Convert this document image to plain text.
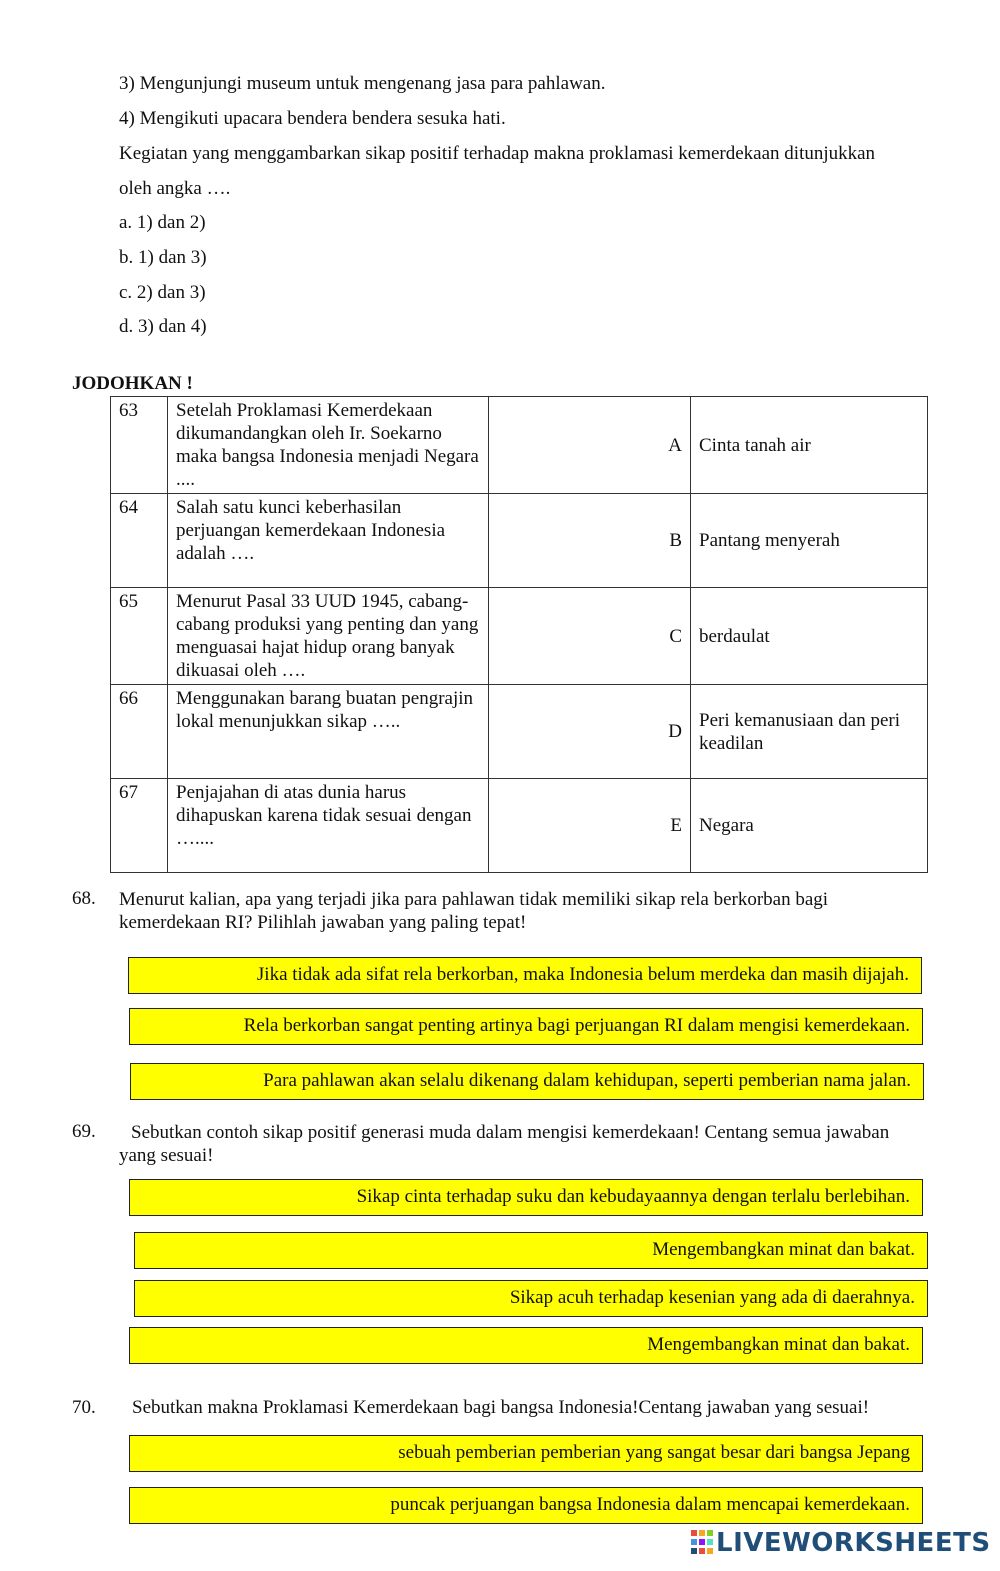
3) Mengunjungi museum untuk mengenang jasa para pahlawan.
4) Mengikuti upacara bendera bendera sesuka hati.
Kegiatan yang menggambarkan sikap positif terhadap makna proklamasi kemerdekaan ditunjukkan
oleh angka ….
a. 1) dan 2)
b. 1) dan 3)
c. 2) dan 3)
d. 3) dan 4)
JODOHKAN !
63	Setelah Proklamasi Kemerdekaan dikumandangkan oleh Ir. Soekarno maka bangsa Indonesia menjadi Negara ....	A	Cinta tanah air
64	Salah satu kunci keberhasilan perjuangan kemerdekaan Indonesia adalah ….	B	Pantang menyerah
65	Menurut Pasal 33 UUD 1945, cabang-cabang produksi yang penting dan yang menguasai hajat hidup orang banyak dikuasai oleh ….	C	berdaulat
66	Menggunakan barang buatan pengrajin lokal menunjukkan sikap …..	D	Peri kemanusiaan dan peri keadilan
67	Penjajahan di atas dunia harus dihapuskan karena tidak sesuai dengan …....	E	Negara
68. Menurut kalian, apa yang terjadi jika para pahlawan tidak memiliki sikap rela berkorban bagi kemerdekaan RI? Pilihlah jawaban yang paling tepat!
Jika tidak ada sifat rela berkorban, maka Indonesia belum merdeka dan masih dijajah.
Rela berkorban sangat penting artinya bagi perjuangan RI dalam mengisi kemerdekaan.
Para pahlawan akan selalu dikenang dalam kehidupan, seperti pemberian nama jalan.
69.	Sebutkan contoh sikap positif generasi muda dalam mengisi kemerdekaan! Centang semua jawaban yang sesuai!
Sikap cinta terhadap suku dan kebudayaannya dengan terlalu berlebihan.
Mengembangkan minat dan bakat.
Sikap acuh terhadap kesenian yang ada di daerahnya.
Mengembangkan minat dan bakat.
70. Sebutkan makna Proklamasi Kemerdekaan bagi bangsa Indonesia!Centang jawaban yang sesuai!
sebuah pemberian pemberian yang sangat besar dari bangsa Jepang
puncak perjuangan bangsa Indonesia dalam mencapai kemerdekaan.
LIVEWORKSHEETS
